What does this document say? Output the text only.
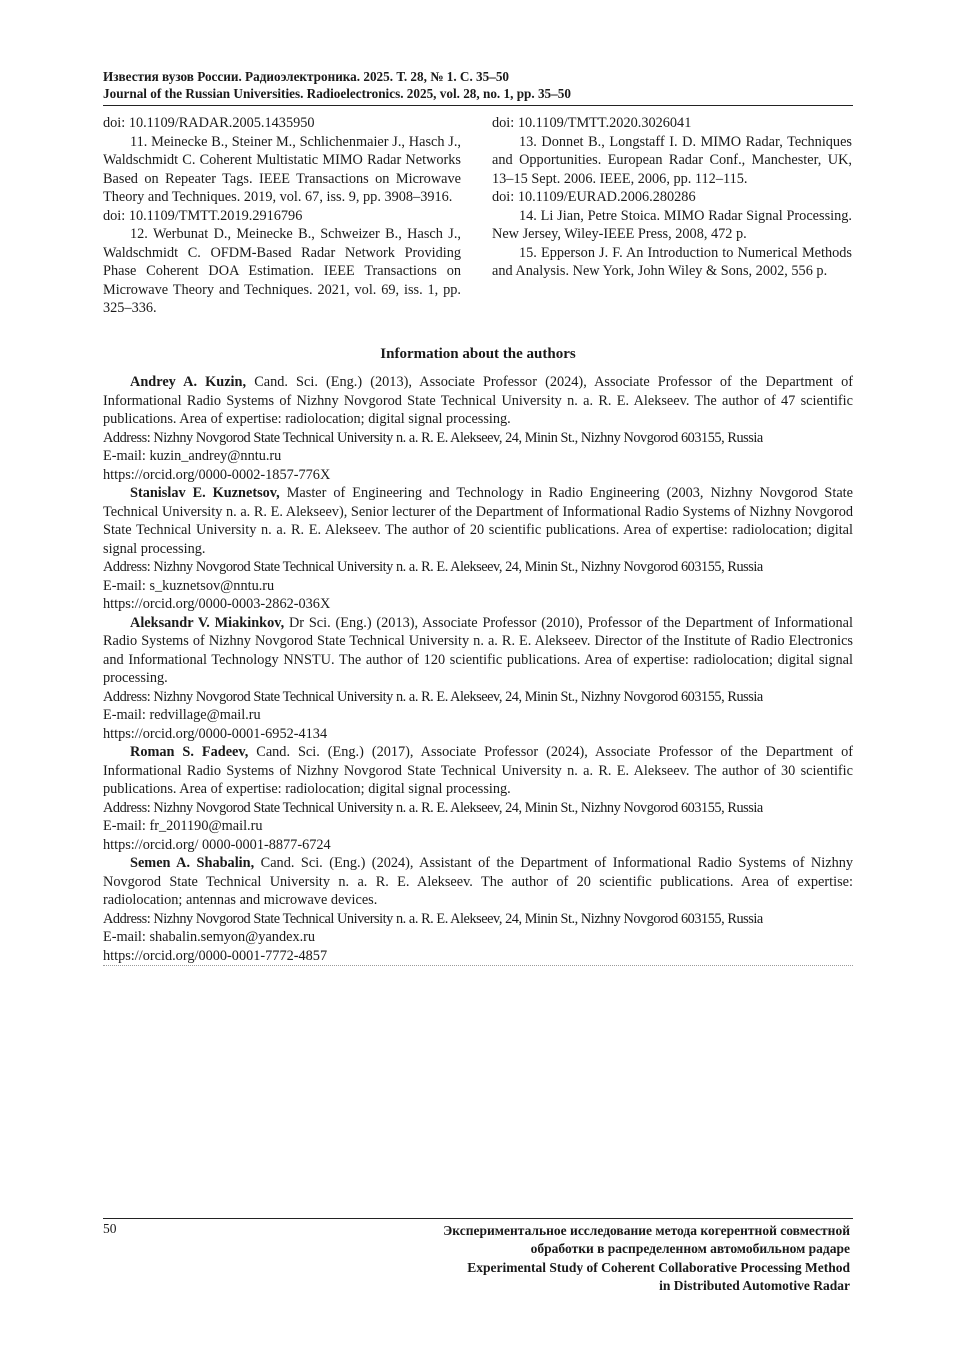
Известия вузов России. Радиоэлектроника. 2025. Т. 28, № 1. С. 35–50
Journal of the Russian Universities. Radioelectronics. 2025, vol. 28, no. 1, pp. 35–50

doi: 10.1109/RADAR.2005.1435950

11. Meinecke B., Steiner M., Schlichenmaier J., Hasch J., Waldschmidt C. Coherent Multistatic MIMO Radar Networks Based on Repeater Tags. IEEE Transactions on Microwave Theory and Techniques. 2019, vol. 67, iss. 9, pp. 3908–3916.

doi: 10.1109/TMTT.2019.2916796

12. Werbunat D., Meinecke B., Schweizer B., Hasch J., Waldschmidt C. OFDM-Based Radar Network Providing Phase Coherent DOA Estimation. IEEE Transactions on Microwave Theory and Techniques. 2021, vol. 69, iss. 1, pp. 325–336.

doi: 10.1109/TMTT.2020.3026041

13. Donnet B., Longstaff I. D. MIMO Radar, Techniques and Opportunities. European Radar Conf., Manchester, UK, 13–15 Sept. 2006. IEEE, 2006, pp. 112–115.

doi: 10.1109/EURAD.2006.280286

14. Li Jian, Petre Stoica. MIMO Radar Signal Processing. New Jersey, Wiley-IEEE Press, 2008, 472 p.

15. Epperson J. F. An Introduction to Numerical Methods and Analysis. New York, John Wiley & Sons, 2002, 556 p.

Information about the authors

Andrey A. Kuzin, Cand. Sci. (Eng.) (2013), Associate Professor (2024), Associate Professor of the Department of Informational Radio Systems of Nizhny Novgorod State Technical University n. a. R. E. Alekseev. The author of 47 scientific publications. Area of expertise: radiolocation; digital signal processing.

Address: Nizhny Novgorod State Technical University n. a. R. E. Alekseev, 24, Minin St., Nizhny Novgorod 603155, Russia

E-mail: kuzin_andrey@nntu.ru

https://orcid.org/0000-0002-1857-776X

Stanislav E. Kuznetsov, Master of Engineering and Technology in Radio Engineering (2003, Nizhny Novgorod State Technical University n. a. R. E. Alekseev), Senior lecturer of the Department of Informational Radio Systems of Nizhny Novgorod State Technical University n. a. R. E. Alekseev. The author of 20 scientific publications. Area of expertise: radiolocation; digital signal processing.

Address: Nizhny Novgorod State Technical University n. a. R. E. Alekseev, 24, Minin St., Nizhny Novgorod 603155, Russia

E-mail: s_kuznetsov@nntu.ru

https://orcid.org/0000-0003-2862-036X

Aleksandr V. Miakinkov, Dr Sci. (Eng.) (2013), Associate Professor (2010), Professor of the Department of Informational Radio Systems of Nizhny Novgorod State Technical University n. a. R. E. Alekseev. Director of the Institute of Radio Electronics and Informational Technology NNSTU. The author of 120 scientific publications. Area of expertise: radiolocation; digital signal processing.

Address: Nizhny Novgorod State Technical University n. a. R. E. Alekseev, 24, Minin St., Nizhny Novgorod 603155, Russia

E-mail: redvillage@mail.ru

https://orcid.org/0000-0001-6952-4134

Roman S. Fadeev, Cand. Sci. (Eng.) (2017), Associate Professor (2024), Associate Professor of the Department of Informational Radio Systems of Nizhny Novgorod State Technical University n. a. R. E. Alekseev. The author of 30 scientific publications. Area of expertise: radiolocation; digital signal processing.

Address: Nizhny Novgorod State Technical University n. a. R. E. Alekseev, 24, Minin St., Nizhny Novgorod 603155, Russia

E-mail: fr_201190@mail.ru

https://orcid.org/ 0000-0001-8877-6724

Semen A. Shabalin, Cand. Sci. (Eng.) (2024), Assistant of the Department of Informational Radio Systems of Nizhny Novgorod State Technical University n. a. R. E. Alekseev. The author of 20 scientific publications. Area of expertise: radiolocation; antennas and microwave devices.

Address: Nizhny Novgorod State Technical University n. a. R. E. Alekseev, 24, Minin St., Nizhny Novgorod 603155, Russia

E-mail: shabalin.semyon@yandex.ru

https://orcid.org/0000-0001-7772-4857

50	Экспериментальное исследование метода когерентной совместной
обработки в распределенном автомобильном радаре
Experimental Study of Coherent Collaborative Processing Method
in Distributed Automotive Radar
